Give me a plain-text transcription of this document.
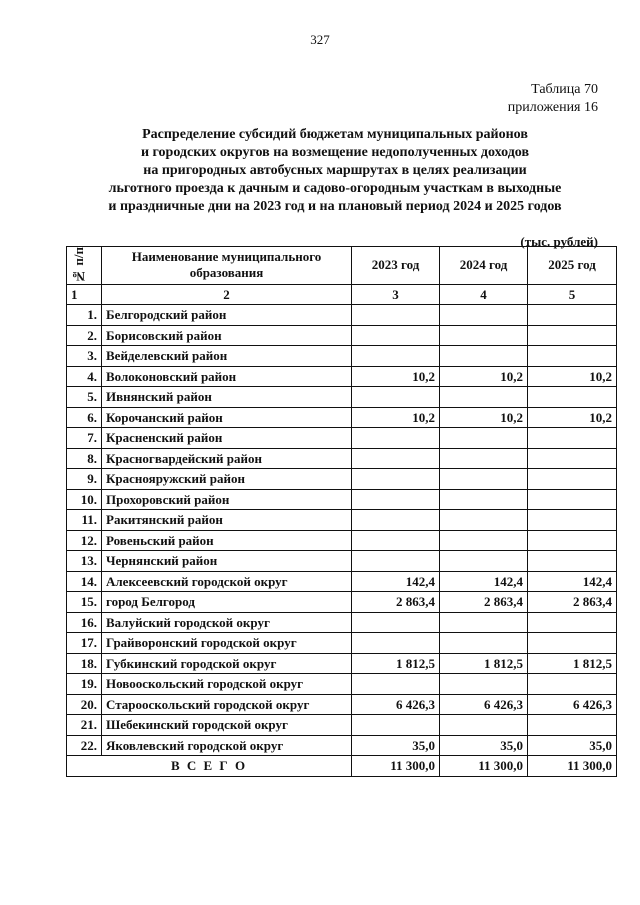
327
Таблица 70
приложения 16
Распределение субсидий бюджетам муниципальных районов
и городских округов на возмещение недополученных доходов
на пригородных автобусных маршрутах в целях реализации
льготного проезда к дачным и садово-огородным участкам в выходные
и праздничные дни на 2023 год и на плановый период 2024 и 2025 годов
(тыс. рублей)
№ п/п	Наименование муниципального образования	2023 год	2024 год	2025 год
1	2	3	4	5
1.	Белгородский район			
2.	Борисовский район			
3.	Вейделевский район			
4.	Волоконовский район	10,2	10,2	10,2
5.	Ивнянский район			
6.	Корочанский район	10,2	10,2	10,2
7.	Красненский район			
8.	Красногвардейский район			
9.	Краснояружский район			
10.	Прохоровский район			
11.	Ракитянский район			
12.	Ровеньский район			
13.	Чернянский район			
14.	Алексеевский городской округ	142,4	142,4	142,4
15.	город Белгород	2 863,4	2 863,4	2 863,4
16.	Валуйский городской округ			
17.	Грайворонский городской округ			
18.	Губкинский городской округ	1 812,5	1 812,5	1 812,5
19.	Новооскольский городской округ			
20.	Старооскольский городской округ	6 426,3	6 426,3	6 426,3
21.	Шебекинский городской округ			
22.	Яковлевский городской округ	35,0	35,0	35,0
В С Е Г О		11 300,0	11 300,0	11 300,0
